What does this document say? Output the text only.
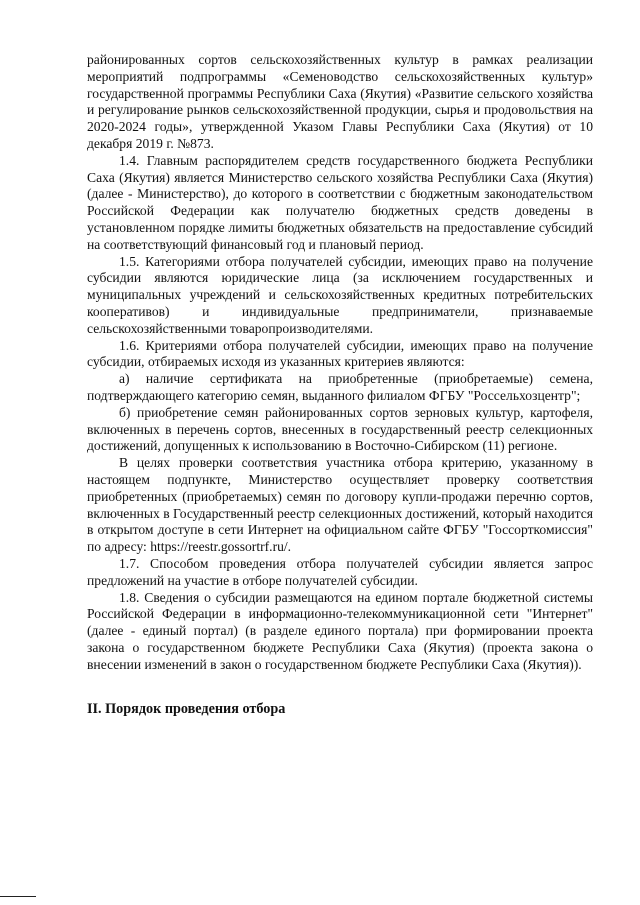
районированных сортов сельскохозяйственных культур в рамках реализации мероприятий подпрограммы «Семеноводство сельскохозяйственных культур» государственной программы Республики Саха (Якутия) «Развитие сельского хозяйства и регулирование рынков сельскохозяйственной продукции, сырья и продовольствия на 2020-2024 годы», утвержденной Указом Главы Республики Саха (Якутия) от 10 декабря 2019 г. №873.

1.4. Главным распорядителем средств государственного бюджета Республики Саха (Якутия) является Министерство сельского хозяйства Республики Саха (Якутия) (далее - Министерство), до которого в соответствии с бюджетным законодательством Российской Федерации как получателю бюджетных средств доведены в установленном порядке лимиты бюджетных обязательств на предоставление субсидий на соответствующий финансовый год и плановый период.

1.5. Категориями отбора получателей субсидии, имеющих право на получение субсидии являются юридические лица (за исключением государственных и муниципальных учреждений и сельскохозяйственных кредитных потребительских кооперативов) и индивидуальные предприниматели, признаваемые сельскохозяйственными товаропроизводителями.

1.6. Критериями отбора получателей субсидии, имеющих право на получение субсидии, отбираемых исходя из указанных критериев являются:

а) наличие сертификата на приобретенные (приобретаемые) семена, подтверждающего категорию семян, выданного филиалом ФГБУ "Россельхозцентр";

б) приобретение семян районированных сортов зерновых культур, картофеля, включенных в перечень сортов, внесенных в государственный реестр селекционных достижений, допущенных к использованию в Восточно-Сибирском (11) регионе.

В целях проверки соответствия участника отбора критерию, указанному в настоящем подпункте, Министерство осуществляет проверку соответствия приобретенных (приобретаемых) семян по договору купли-продажи перечню сортов, включенных в Государственный реестр селекционных достижений, который находится в открытом доступе в сети Интернет на официальном сайте ФГБУ "Госсорткомиссия" по адресу: https://reestr.gossortrf.ru/.

1.7. Способом проведения отбора получателей субсидии является запрос предложений на участие в отборе получателей субсидии.

1.8. Сведения о субсидии размещаются на едином портале бюджетной системы Российской Федерации в информационно-телекоммуникационной сети "Интернет" (далее - единый портал) (в разделе единого портала) при формировании проекта закона о государственном бюджете Республики Саха (Якутия) (проекта закона о внесении изменений в закон о государственном бюджете Республики Саха (Якутия)).

II. Порядок проведения отбора
